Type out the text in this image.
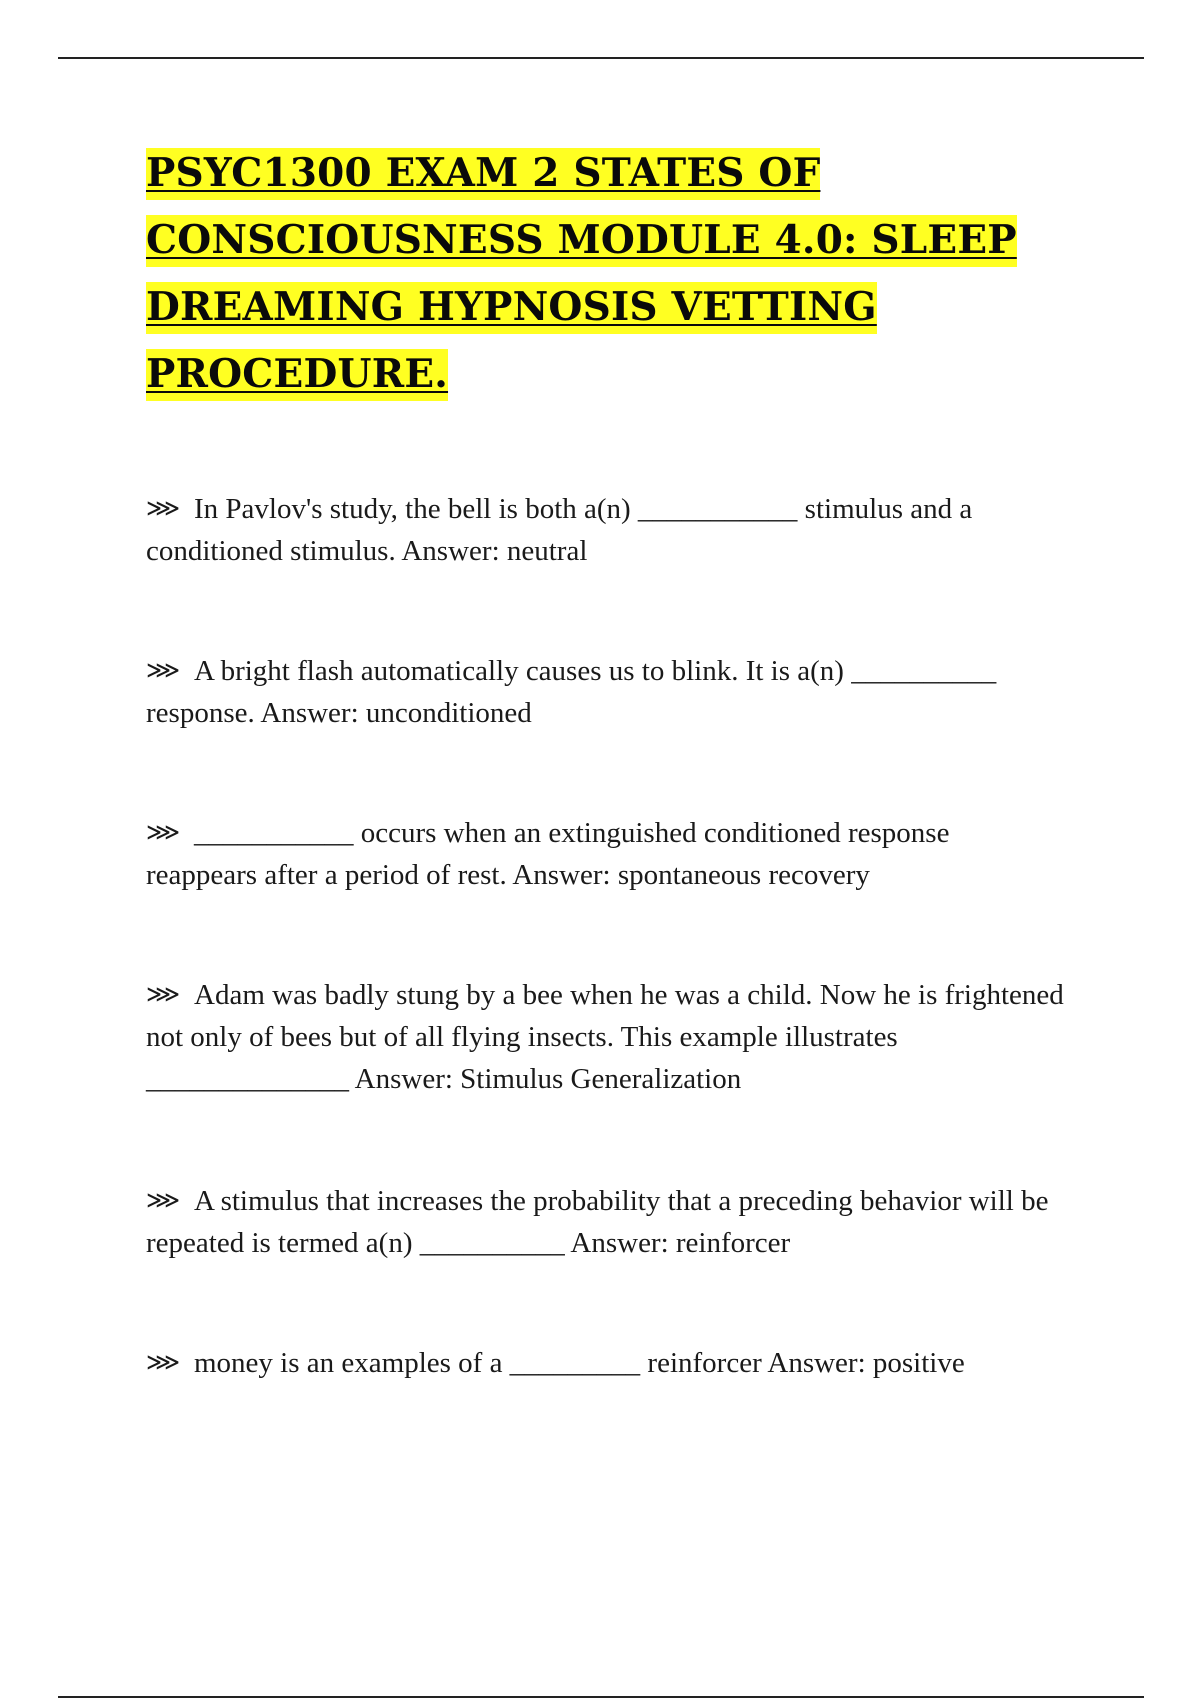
PSYC1300 EXAM 2 STATES OF CONSCIOUSNESS MODULE 4.0: SLEEP DREAMING HYPNOSIS VETTING PROCEDURE.

⋙ In Pavlov's study, the bell is both a(n) ___________ stimulus and a conditioned stimulus. Answer: neutral

⋙ A bright flash automatically causes us to blink. It is a(n) __________ response. Answer: unconditioned

⋙ ___________ occurs when an extinguished conditioned response reappears after a period of rest. Answer: spontaneous recovery

⋙ Adam was badly stung by a bee when he was a child. Now he is frightened not only of bees but of all flying insects. This example illustrates ______________ Answer: Stimulus Generalization

⋙ A stimulus that increases the probability that a preceding behavior will be repeated is termed a(n) __________ Answer: reinforcer

⋙ money is an examples of a _________ reinforcer Answer: positive
